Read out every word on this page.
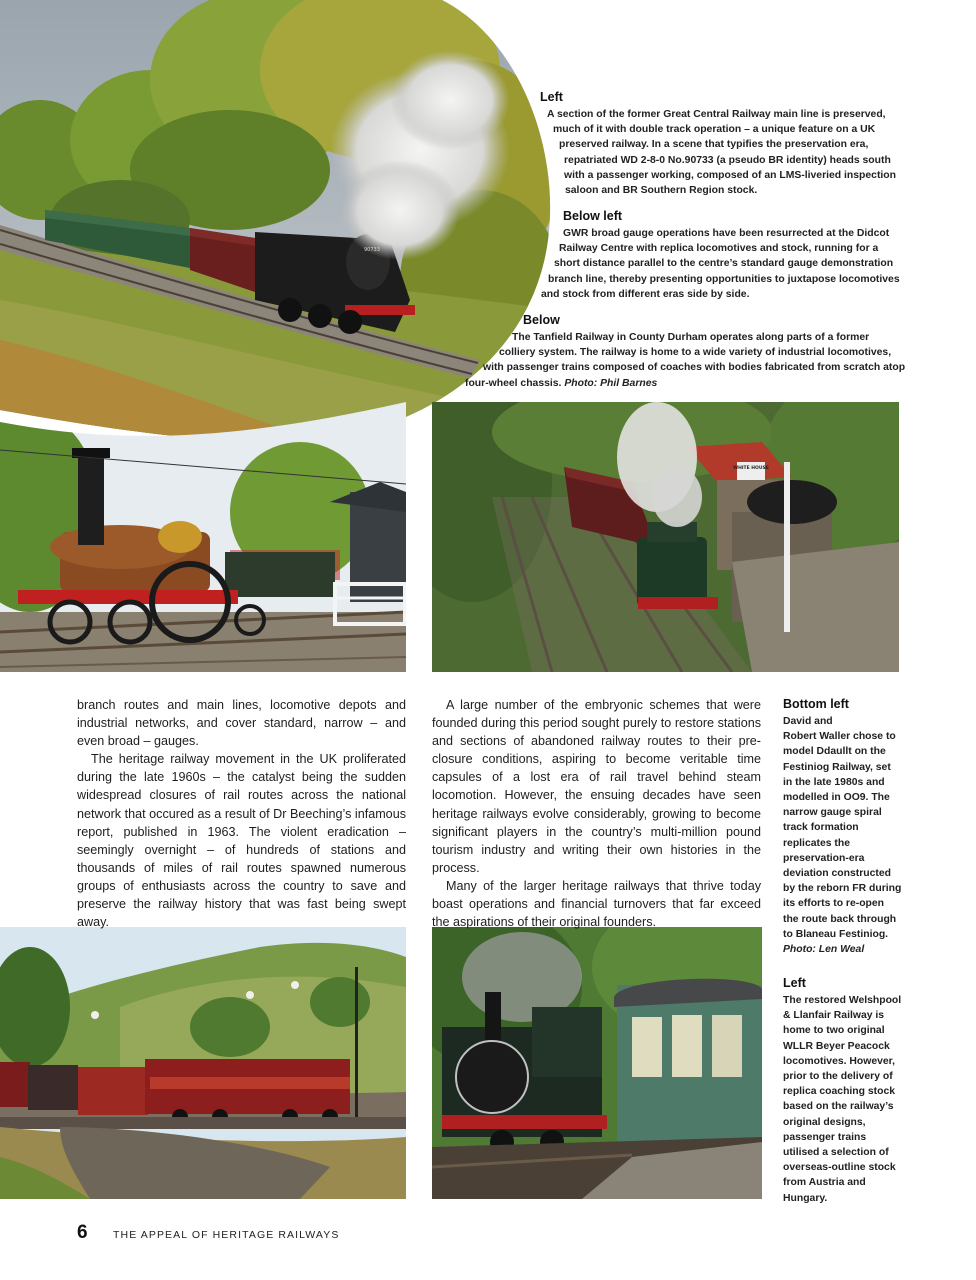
90733
WHITE HOUSE
Left

A section of the former Great Central Railway main line is preserved,

much of it with double track operation – a unique feature on a UK

preserved railway. In a scene that typifies the preservation era,

repatriated WD 2-8-0 No.90733 (a pseudo BR identity) heads south

with a passenger working, composed of an LMS-liveried inspection

saloon and BR Southern Region stock.

Below left

GWR broad gauge operations have been resurrected at the Didcot

Railway Centre with replica locomotives and stock, running for a

short distance parallel to the centre’s standard gauge demonstration

branch line, thereby presenting opportunities to juxtapose locomotives

and stock from different eras side by side.

Below

The Tanfield Railway in County Durham operates along parts of a former

colliery system. The railway is home to a wide variety of industrial locomotives,

with passenger trains composed of coaches with bodies fabricated from scratch atop

four-wheel chassis. Photo: Phil Barnes

branch routes and main lines, locomotive depots and industrial networks, and cover standard, narrow – and even broad – gauges.

The heritage railway movement in the UK proliferated during the late 1960s – the catalyst being the sudden widespread closures of rail routes across the national network that occured as a result of Dr Beeching’s infamous report, published in 1963. The violent eradication – seemingly overnight – of hundreds of stations and thousands of miles of rail routes spawned numerous groups of enthusiasts across the country to save and preserve the railway history that was fast being swept away.

A large number of the embryonic schemes that were founded during this period sought purely to restore stations and sections of abandoned railway routes to their pre-closure conditions, aspiring to become veritable time capsules of a lost era of rail travel behind steam locomotion. However, the ensuing decades have seen heritage railways evolve considerably, growing to become significant players in the country’s multi-million pound tourism industry and writing their own histories in the process.

Many of the larger heritage railways that thrive today boast operations and financial turnovers that far exceed the aspirations of their original founders.

Bottom left

David and

Robert Waller chose to

model Ddaullt on the

Festiniog Railway, set

in the late 1980s and

modelled in OO9. The

narrow gauge spiral

track formation

replicates the

preservation-era

deviation constructed

by the reborn FR during

its efforts to re-open

the route back through

to Blaneau Festiniog.

Photo: Len Weal

Left

The restored Welshpool

& Llanfair Railway is

home to two original

WLLR Beyer Peacock

locomotives. However,

prior to the delivery of

replica coaching stock

based on the railway’s

original designs,

passenger trains

utilised a selection of

overseas-outline stock

from Austria and

Hungary.

6 THE APPEAL OF HERITAGE RAILWAYS
